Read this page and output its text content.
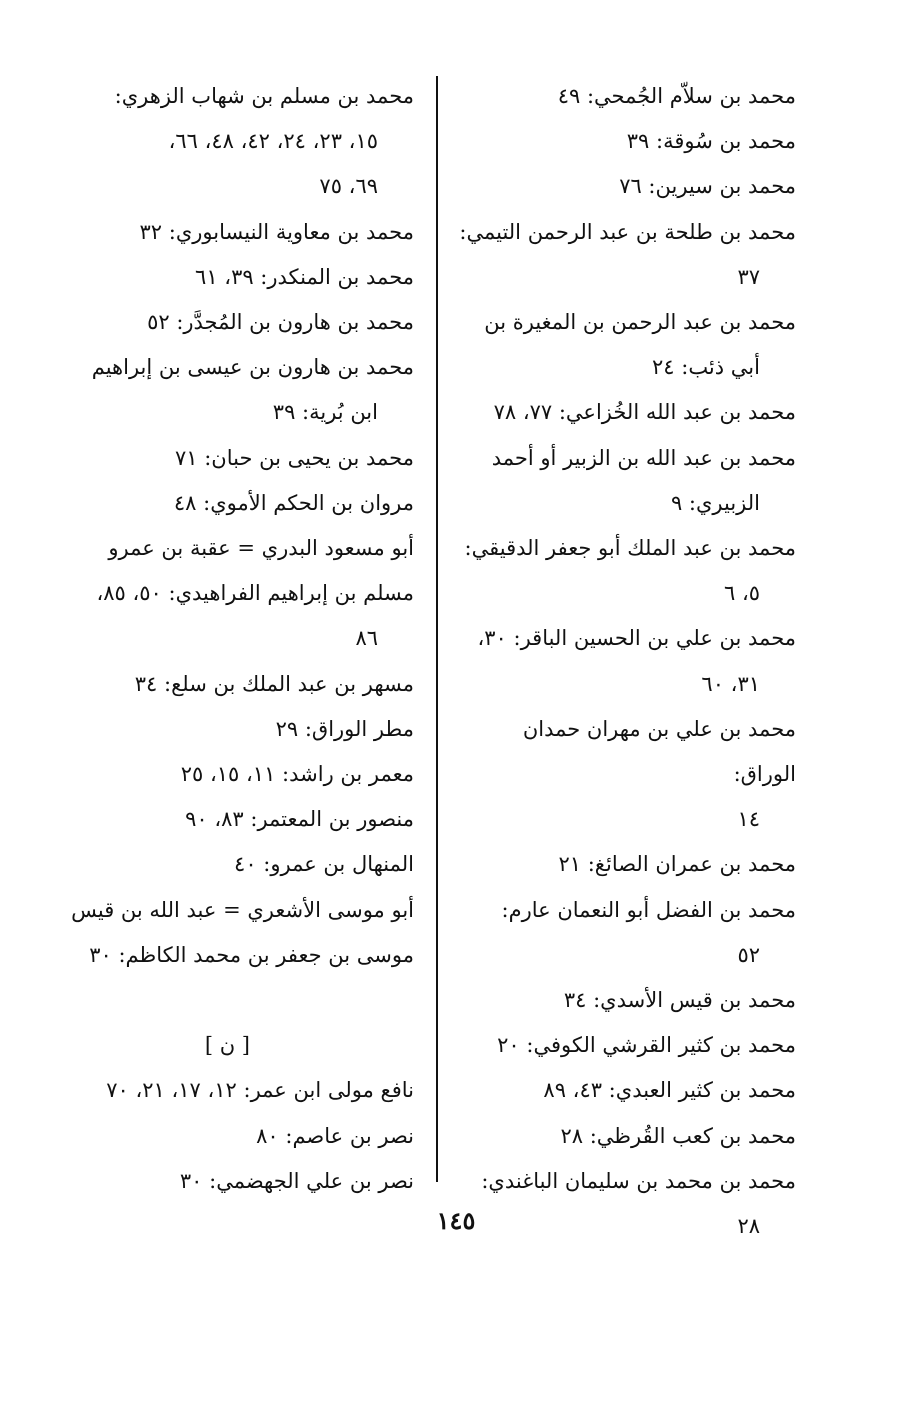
محمد بن سلاّم الجُمحي: ٤٩
محمد بن سُوقة: ٣٩
محمد بن سيرين: ٧٦
محمد بن طلحة بن عبد الرحمن التيمي:
٣٧
محمد بن عبد الرحمن بن المغيرة بن
أبي ذئب: ٢٤
محمد بن عبد الله الخُزاعي: ٧٧، ٧٨
محمد بن عبد الله بن الزبير أو أحمد
الزبيري: ٩
محمد بن عبد الملك أبو جعفر الدقيقي:
٥، ٦
محمد بن علي بن الحسين الباقر: ٣٠،
٣١، ٦٠
محمد بن علي بن مهران حمدان الوراق:
١٤
محمد بن عمران الصائغ: ٢١
محمد بن الفضل أبو النعمان عارم:
٥٢
محمد بن قيس الأسدي: ٣٤
محمد بن كثير القرشي الكوفي: ٢٠
محمد بن كثير العبدي: ٤٣، ٨٩
محمد بن كعب القُرظي: ٢٨
محمد بن محمد بن سليمان الباغندي:
٢٨
محمد بن مسلم بن شهاب الزهري:
١٥، ٢٣، ٢٤، ٤٢، ٤٨، ٦٦،
٦٩، ٧٥
محمد بن معاوية النيسابوري: ٣٢
محمد بن المنكدر: ٣٩، ٦١
محمد بن هارون بن المُجدَّر: ٥٢
محمد بن هارون بن عيسى بن إبراهيم
ابن بُرية: ٣٩
محمد بن يحيى بن حبان: ٧١
مروان بن الحكم الأموي: ٤٨
أبو مسعود البدري = عقبة بن عمرو
مسلم بن إبراهيم الفراهيدي: ٥٠، ٨٥،
٨٦
مسهر بن عبد الملك بن سلع: ٣٤
مطر الوراق: ٢٩
معمر بن راشد: ١١، ١٥، ٢٥
منصور بن المعتمر: ٨٣، ٩٠
المنهال بن عمرو: ٤٠
أبو موسى الأشعري = عبد الله بن قيس
موسى بن جعفر بن محمد الكاظم: ٣٠
[ ن ]
نافع مولى ابن عمر: ١٢، ١٧، ٢١، ٧٠
نصر بن عاصم: ٨٠
نصر بن علي الجهضمي: ٣٠
١٤٥
